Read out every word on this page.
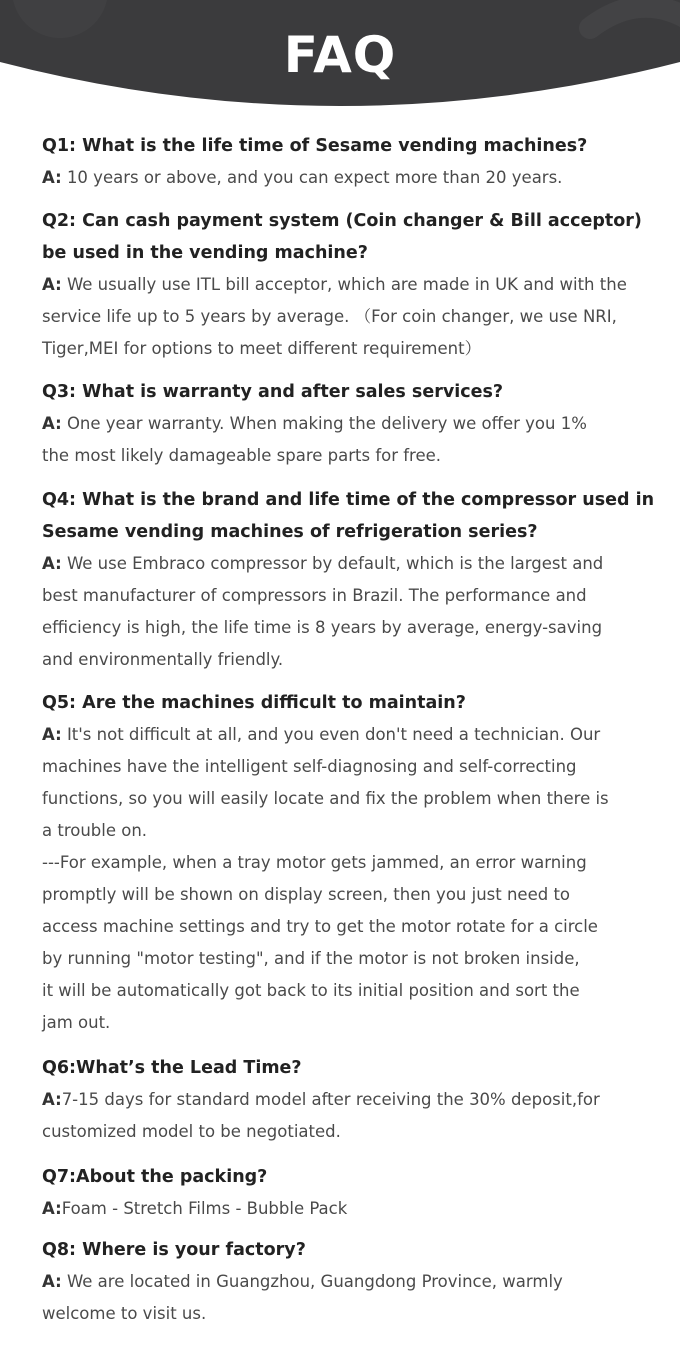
FAQ
Q1: What is the life time of Sesame vending machines?
A: 10 years or above, and you can expect more than 20 years.
Q2: Can cash payment system (Coin changer & Bill acceptor)
be used in the vending machine?
A: We usually use ITL bill acceptor, which are made in UK and with the
service life up to 5 years by average. （For coin changer, we use NRI,
Tiger,MEI for options to meet different requirement）
Q3: What is warranty and after sales services?
A: One year warranty. When making the delivery we offer you 1%
the most likely damageable spare parts for free.
Q4: What is the brand and life time of the compressor used in
Sesame vending machines of refrigeration series?
A: We use Embraco compressor by default, which is the largest and
best manufacturer of compressors in Brazil. The performance and
efficiency is high, the life time is 8 years by average, energy-saving
and environmentally friendly.
Q5: Are the machines difficult to maintain?
A: It's not difficult at all, and you even don't need a technician. Our
machines have the intelligent self-diagnosing and self-correcting
functions, so you will easily locate and fix the problem when there is
a trouble on.
---For example, when a tray motor gets jammed, an error warning
promptly will be shown on display screen, then you just need to
access machine settings and try to get the motor rotate for a circle
by running "motor testing", and if the motor is not broken inside,
it will be automatically got back to its initial position and sort the
jam out.
Q6:What’s the Lead Time?
A:7-15 days for standard model after receiving the 30% deposit,for
customized model to be negotiated.
Q7:About the packing?
A:Foam - Stretch Films - Bubble Pack
Q8: Where is your factory?
A: We are located in Guangzhou, Guangdong Province, warmly
welcome to visit us.
